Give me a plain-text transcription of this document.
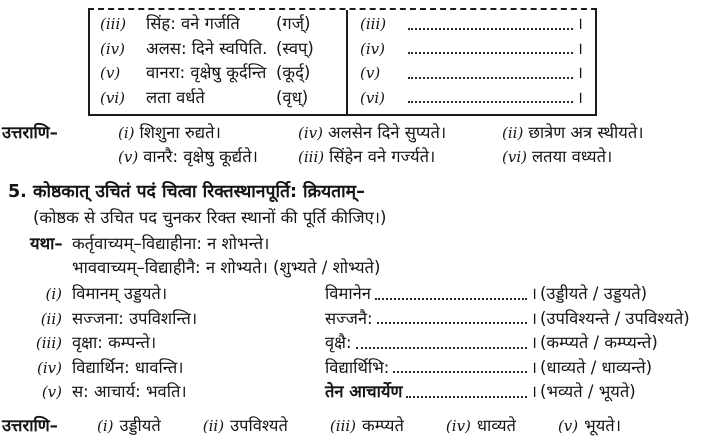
(iii)	सिंह: वने गर्जति	(गर्ज्)
(iv)	अलस: दिने स्वपिति. (स्वप्)
(v)	वानरा: वृक्षेषु कूर्दन्ति (कूर्द्)
(vi)	लता वर्धते	(वृध्)
(iii)	।
(iv)	।
(v)	।
(vi)	।
उत्तराणि–	(i) शिशुना रुद्यते।	(iv) अलसेन दिने सुप्यते।	(ii) छात्रेण अत्र स्थीयते।
(v) वानरै: वृक्षेषु कूर्द्यते।	(iii) सिंहेन वने गर्ज्यते।	(vi) लतया वध्यते।
5. कोष्ठकात् उचितं पदं चित्वा रिक्तस्थानपूर्ति: क्रियताम्–
(कोष्ठक से उचित पद चुनकर रिक्त स्थानों की पूर्ति कीजिए।)
यथा– कर्तृवाच्यम्–विद्याहीना: न शोभन्ते।
भाववाच्यम्–विद्याहीनै: न शोभ्यते। (शुभ्यते / शोभ्यते)
(i) विमानम् उड्डयते।	विमानेन	। (उड्डीयते / उड्डयते)
(ii) सज्जना: उपविशन्ति।	सज्जनै:	। (उपविश्यन्ते / उपविश्यते)
(iii) वृक्षा: कम्पन्ते।	वृक्षै:	। (कम्प्यते / कम्प्यन्ते)
(iv) विद्यार्थिन: धावन्ति।	विद्यार्थिभि:	। (धाव्यते / धाव्यन्ते)
(v) स: आचार्य: भवति।	तेन आचार्येण	। (भव्यते / भूयते)
उत्तराणि–	(i) उड्डीयते	(ii) उपविश्यते	(iii) कम्प्यते	(iv) धाव्यते	(v) भूयते।
